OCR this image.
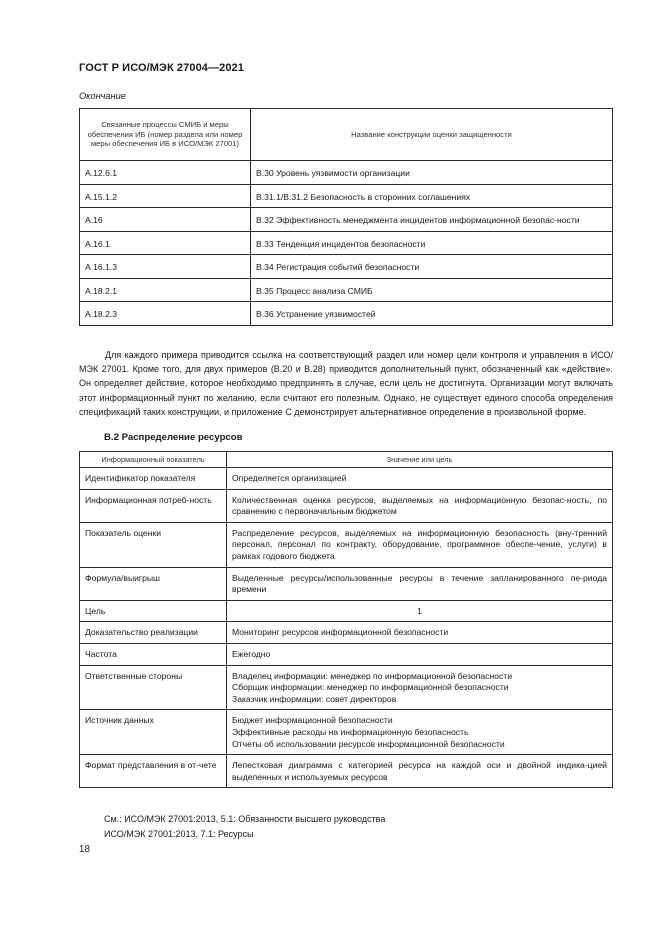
ГОСТ Р ИСО/МЭК 27004—2021
Окончание
Связанные процессы СМИБ и меры обеспечения ИБ (номер раздела или номер меры обеспечения ИБ в ИСО/МЭК 27001)	Название конструкции оценки защищенности
А.12.6.1	В.30 Уровень уязвимости организации
А.15.1.2	В.31.1/В.31.2 Безопасность в сторонних соглашениях
А.16	В.32 Эффективность менеджмента инцидентов информационной безопас-ности
А.16.1	В.33 Тенденция инцидентов безопасности
А 16.1.3	В.34 Регистрация событий безопасности
А.18.2.1	В.35 Процесс анализа СМИБ
А.18.2.3	В.36 Устранение уязвимостей
Для каждого примера приводится ссылка на соответствующий раздел или номер цели контроля и управления в ИСО/МЭК 27001. Кроме того, для двух примеров (В.20 и В.28) приводится дополнительный пункт, обозначенный как «действие». Он определяет действие, которое необходимо предпринять в случае, если цель не достигнута. Организации могут включать этот информационный пункт по желанию, если считают его полезным. Однако, не существует единого способа определения спецификаций таких конструкции, и приложение С демонстрирует альтернативное определение в произвольной форме.
В.2 Распределение ресурсов
Информационный показатель	Значение или цель
Идентификатор показателя	Определяется организацией

Информационная потреб-ность	Количественная оценка ресурсов, выделяемых на информационную безопас-ность, по сравнению с первоначальным бюджетом

Показатель оценки	Распределение ресурсов, выделяемых на информационную безопасность (вну-тренний персонал, персонал по контракту, оборудование, программное обеспе-чение, услуги) в рамках годового бюджета

Формула/выигрыш	Выделенные ресурсы/использованные ресурсы в течение запланированного пе-риода времени

Цель	1

Доказательство реализации	Мониторинг ресурсов информационной безопасности

Частота	Ежегодно

Ответственные стороны	Владелец информации: менеджер по информационной безопасности
Сборщик информации: менеджер по информационной безопасности
Заказчик информации: совет директоров

Источник данных	Бюджет информационной безопасности
Эффективные расходы на информационную безопасность
Отчеты об использовании ресурсов информационной безопасности

Формат представления в от-чете	Лепестковая диаграмма с категорией ресурса на каждой оси и двойной индика-цией выделенных и используемых ресурсов
См.: ИСО/МЭК 27001:2013, 5.1: Обязанности высшего руководства
ИСО/МЭК 27001:2013, 7.1: Ресурсы
18
